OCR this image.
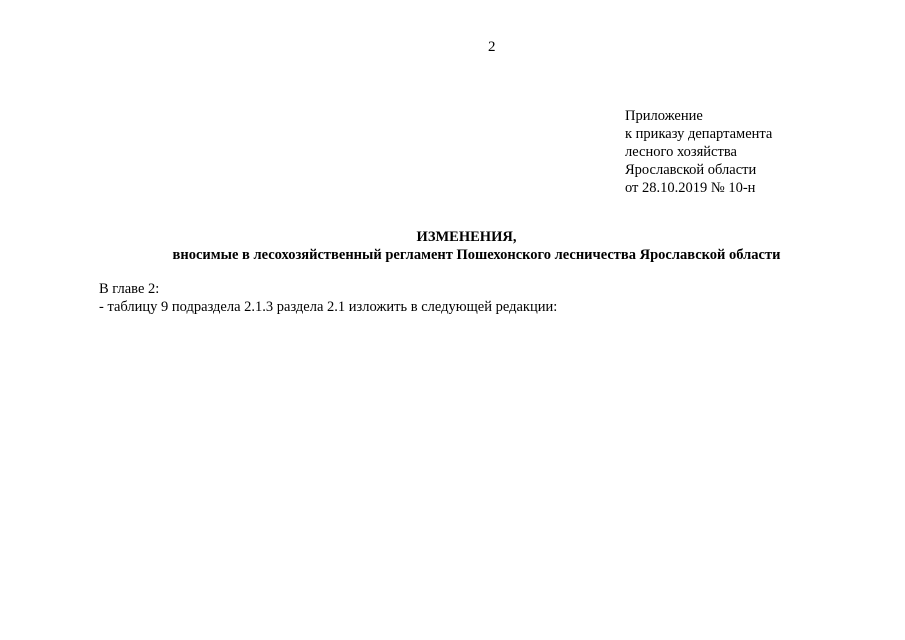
2
Приложение
к приказу департамента
лесного хозяйства
Ярославской области
от 28.10.2019 № 10-н
ИЗМЕНЕНИЯ,
вносимые в лесохозяйственный регламент Пошехонского лесничества Ярославской области
В главе 2:
- таблицу 9 подраздела 2.1.3 раздела 2.1 изложить в следующей редакции:
